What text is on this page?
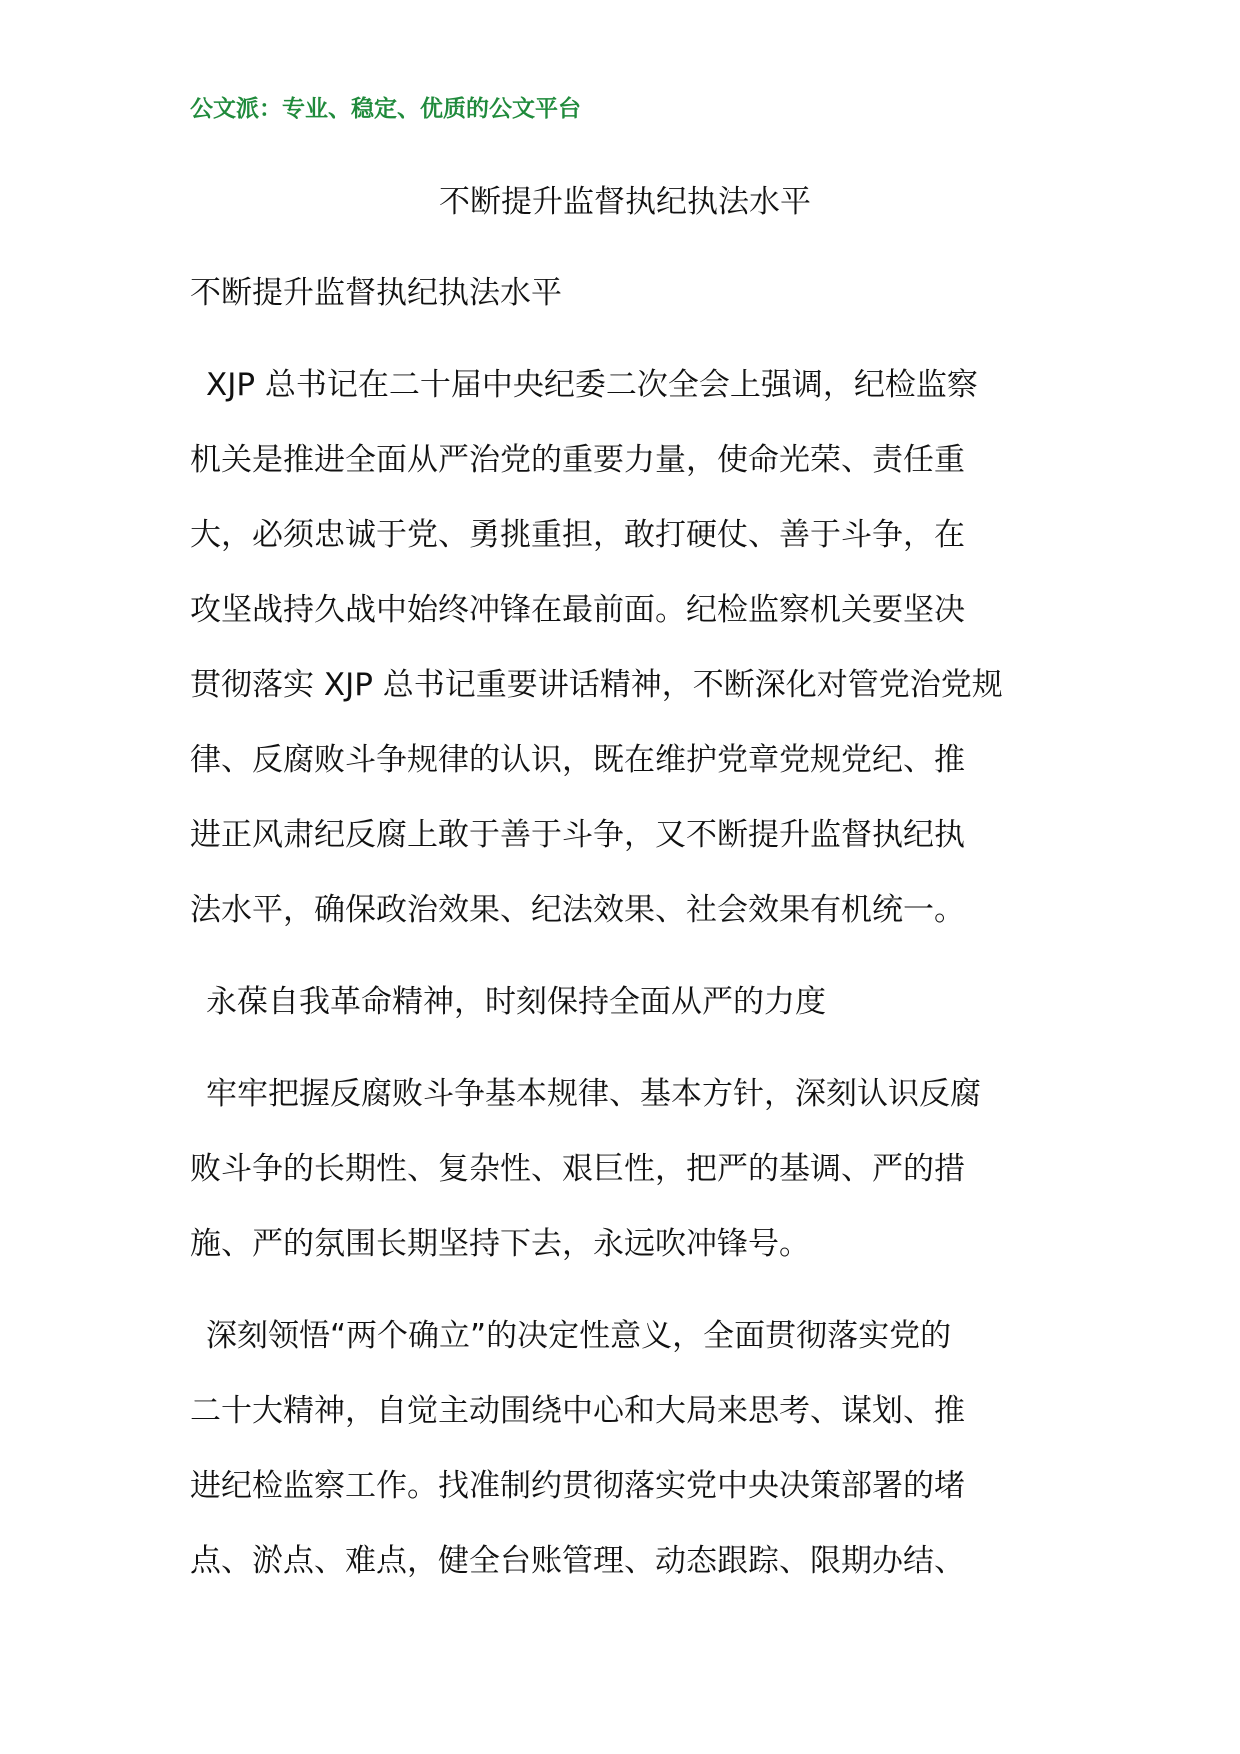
公文派：专业、稳定、优质的公文平台
不断提升监督执纪执法水平
不断提升监督执纪执法水平
XJP 总书记在二十届中央纪委二次全会上强调，纪检监察
机关是推进全面从严治党的重要力量，使命光荣、责任重
大，必须忠诚于党、勇挑重担，敢打硬仗、善于斗争，在
攻坚战持久战中始终冲锋在最前面。纪检监察机关要坚决
贯彻落实 XJP 总书记重要讲话精神，不断深化对管党治党规
律、反腐败斗争规律的认识，既在维护党章党规党纪、推
进正风肃纪反腐上敢于善于斗争，又不断提升监督执纪执
法水平，确保政治效果、纪法效果、社会效果有机统一。
永葆自我革命精神，时刻保持全面从严的力度
牢牢把握反腐败斗争基本规律、基本方针，深刻认识反腐
败斗争的长期性、复杂性、艰巨性，把严的基调、严的措
施、严的氛围长期坚持下去，永远吹冲锋号。
深刻领悟“两个确立”的决定性意义，全面贯彻落实党的
二十大精神，自觉主动围绕中心和大局来思考、谋划、推
进纪检监察工作。找准制约贯彻落实党中央决策部署的堵
点、淤点、难点，健全台账管理、动态跟踪、限期办结、
